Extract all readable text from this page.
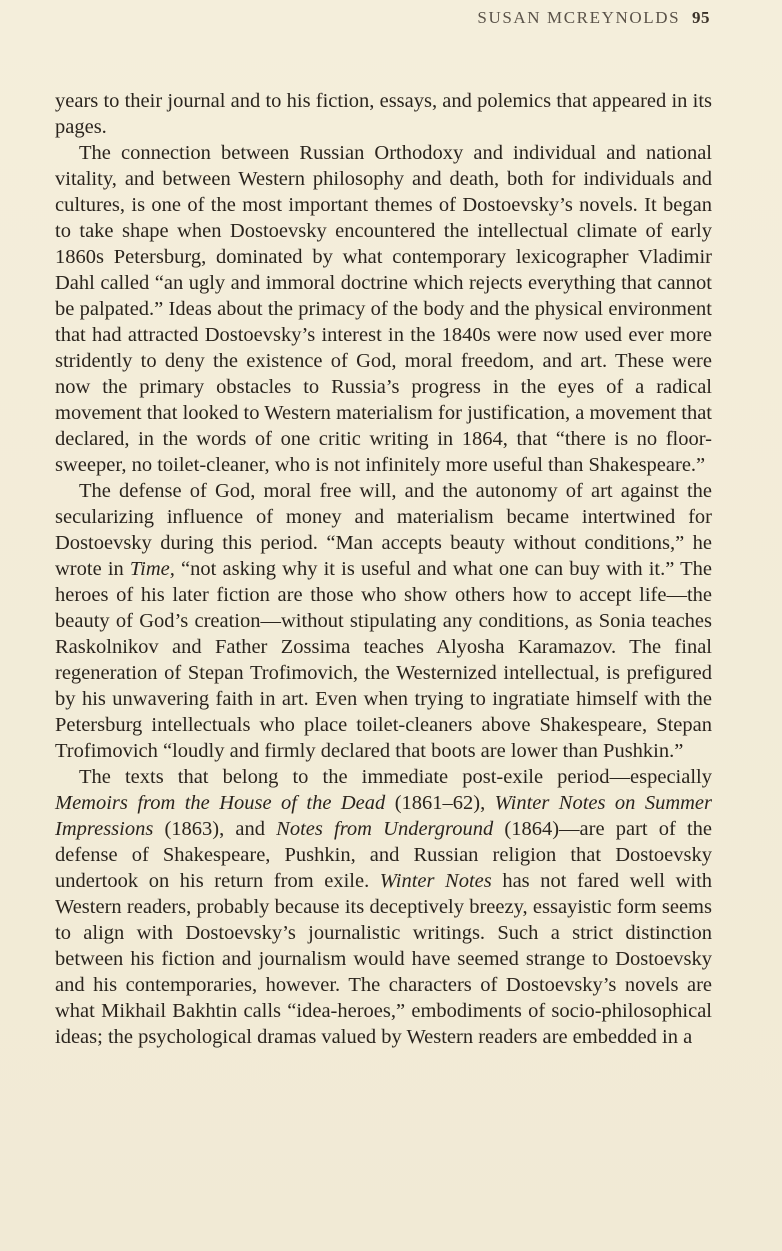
SUSAN MCREYNOLDS 95

years to their journal and to his fiction, essays, and polemics that appeared in its pages.

The connection between Russian Orthodoxy and individual and national vitality, and between Western philosophy and death, both for individuals and cultures, is one of the most important themes of Dostoevsky’s novels. It began to take shape when Dostoevsky encountered the intellectual climate of early 1860s Petersburg, dominated by what contemporary lexicographer Vladimir Dahl called “an ugly and immoral doctrine which rejects everything that cannot be palpated.” Ideas about the primacy of the body and the physical environment that had attracted Dostoevsky’s interest in the 1840s were now used ever more stridently to deny the existence of God, moral freedom, and art. These were now the primary obstacles to Russia’s progress in the eyes of a radical movement that looked to Western materialism for justification, a movement that declared, in the words of one critic writing in 1864, that “there is no floor-sweeper, no toilet-cleaner, who is not infinitely more useful than Shakespeare.”

The defense of God, moral free will, and the autonomy of art against the secularizing influence of money and materialism became intertwined for Dostoevsky during this period. “Man accepts beauty without conditions,” he wrote in Time, “not asking why it is useful and what one can buy with it.” The heroes of his later fiction are those who show others how to accept life—the beauty of God’s creation—without stipulating any conditions, as Sonia teaches Raskolnikov and Father Zossima teaches Alyosha Karamazov. The final regeneration of Stepan Trofimovich, the Westernized intellectual, is prefigured by his unwavering faith in art. Even when trying to ingratiate himself with the Petersburg intellectuals who place toilet-cleaners above Shakespeare, Stepan Trofimovich “loudly and firmly declared that boots are lower than Pushkin.”

The texts that belong to the immediate post-exile period—especially Memoirs from the House of the Dead (1861–62), Winter Notes on Summer Impressions (1863), and Notes from Underground (1864)—are part of the defense of Shakespeare, Pushkin, and Russian religion that Dostoevsky undertook on his return from exile. Winter Notes has not fared well with Western readers, probably because its deceptively breezy, essayistic form seems to align with Dostoevsky’s journalistic writings. Such a strict distinction between his fiction and journalism would have seemed strange to Dostoevsky and his contemporaries, however. The characters of Dostoevsky’s novels are what Mikhail Bakhtin calls “idea-heroes,” embodiments of socio-philosophical ideas; the psychological dramas valued by Western readers are embedded in a
